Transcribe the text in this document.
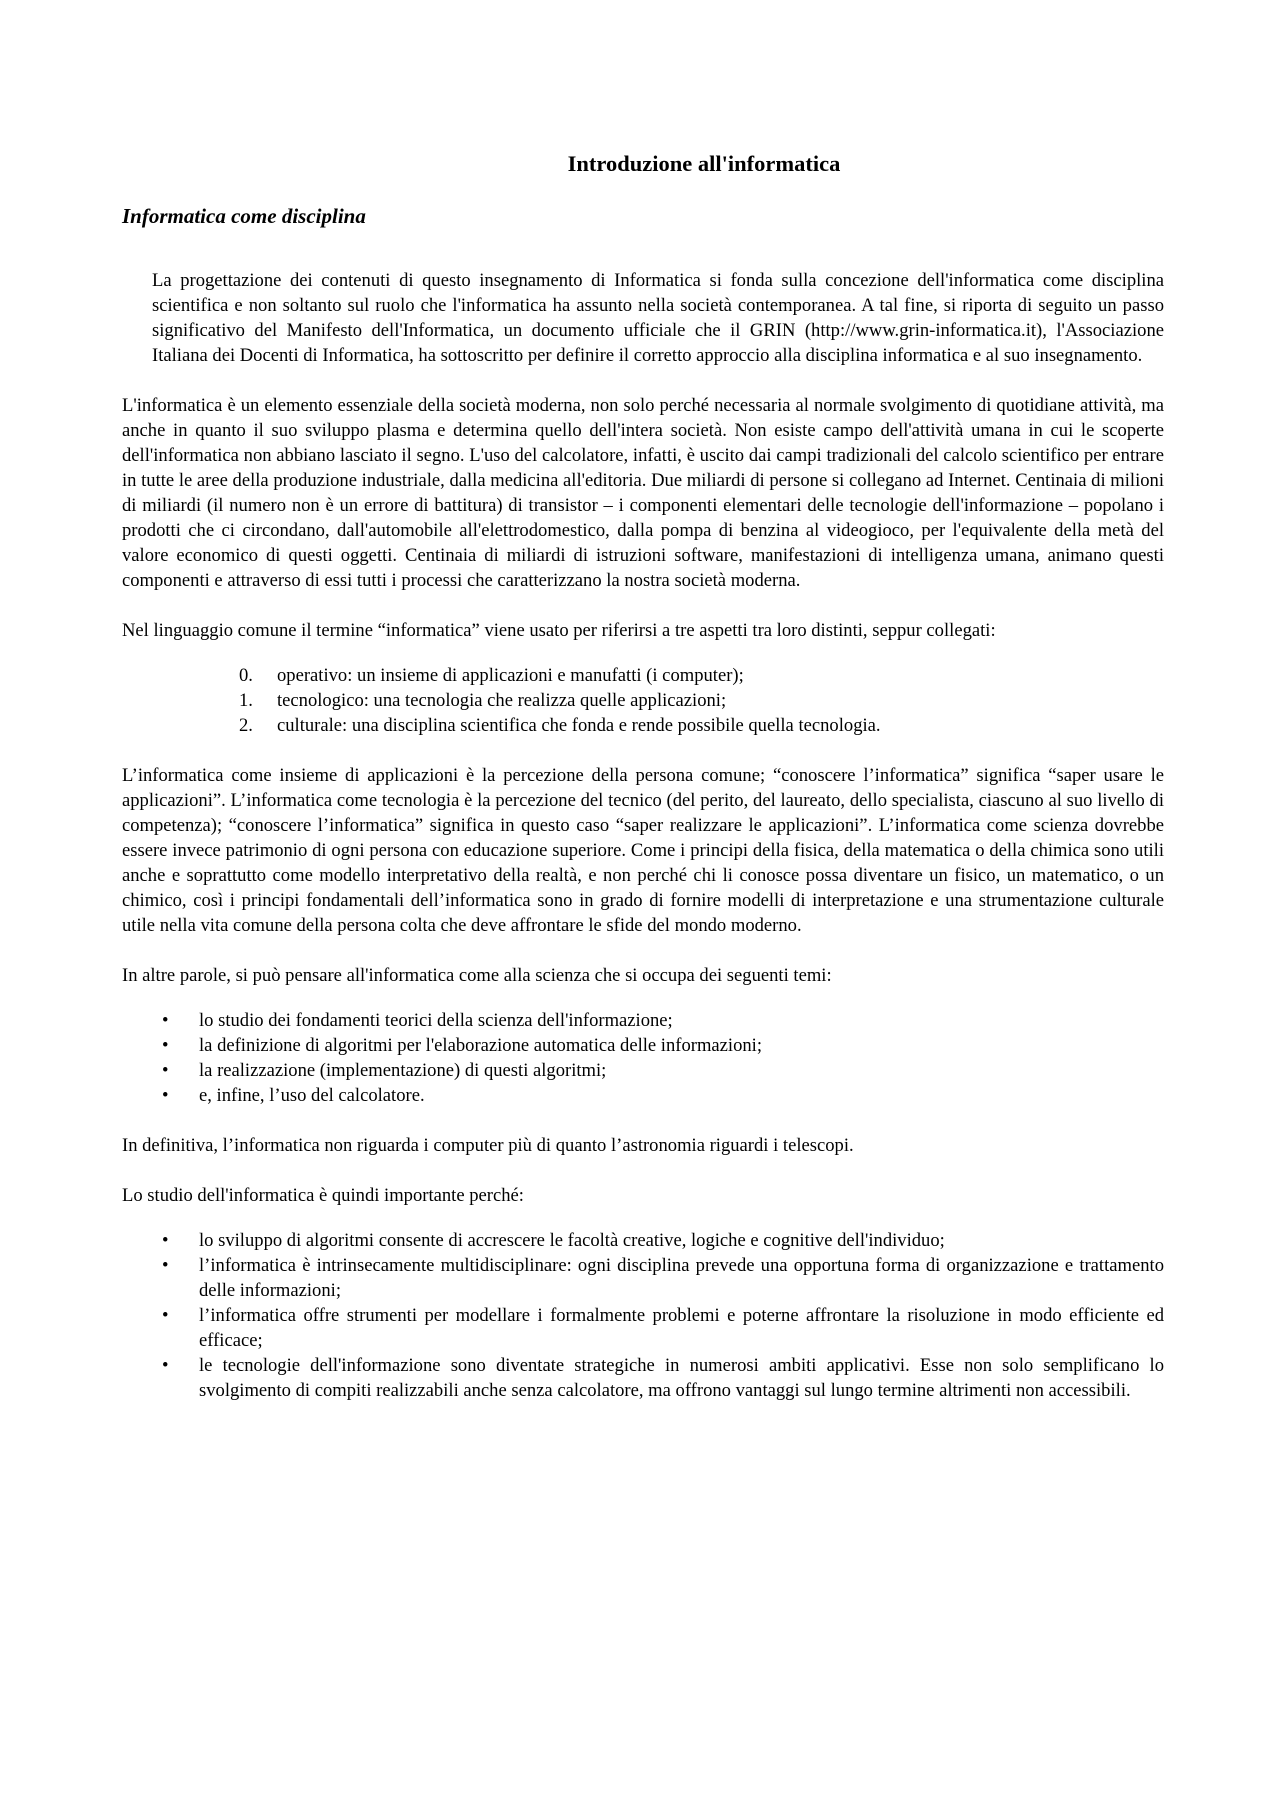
Introduzione all'informatica
Informatica come disciplina

La progettazione dei contenuti di questo insegnamento di Informatica si fonda sulla concezione dell'informatica come disciplina scientifica e non soltanto sul ruolo che l'informatica ha assunto nella società contemporanea. A tal fine, si riporta di seguito un passo significativo del Manifesto dell'Informatica, un documento ufficiale che il GRIN (http://www.grin-informatica.it), l'Associazione Italiana dei Docenti di Informatica, ha sottoscritto per definire il corretto approccio alla disciplina informatica e al suo insegnamento.

L'informatica è un elemento essenziale della società moderna, non solo perché necessaria al normale svolgimento di quotidiane attività, ma anche in quanto il suo sviluppo plasma e determina quello dell'intera società. Non esiste campo dell'attività umana in cui le scoperte dell'informatica non abbiano lasciato il segno. L'uso del calcolatore, infatti, è uscito dai campi tradizionali del calcolo scientifico per entrare in tutte le aree della produzione industriale, dalla medicina all'editoria. Due miliardi di persone si collegano ad Internet. Centinaia di milioni di miliardi (il numero non è un errore di battitura) di transistor – i componenti elementari delle tecnologie dell'informazione – popolano i prodotti che ci circondano, dall'automobile all'elettrodomestico, dalla pompa di benzina al videogioco, per l'equivalente della metà del valore economico di questi oggetti. Centinaia di miliardi di istruzioni software, manifestazioni di intelligenza umana, animano questi componenti e attraverso di essi tutti i processi che caratterizzano la nostra società moderna.

Nel linguaggio comune il termine “informatica” viene usato per riferirsi a tre aspetti tra loro distinti, seppur collegati:

0. operativo: un insieme di applicazioni e manufatti (i computer);
1. tecnologico: una tecnologia che realizza quelle applicazioni;
2. culturale: una disciplina scientifica che fonda e rende possibile quella tecnologia.

L’informatica come insieme di applicazioni è la percezione della persona comune; “conoscere l’informatica” significa “saper usare le applicazioni”. L’informatica come tecnologia è la percezione del tecnico (del perito, del laureato, dello specialista, ciascuno al suo livello di competenza); “conoscere l’informatica” significa in questo caso “saper realizzare le applicazioni”. L’informatica come scienza dovrebbe essere invece patrimonio di ogni persona con educazione superiore. Come i principi della fisica, della matematica o della chimica sono utili anche e soprattutto come modello interpretativo della realtà, e non perché chi li conosce possa diventare un fisico, un matematico, o un chimico, così i principi fondamentali dell’informatica sono in grado di fornire modelli di interpretazione e una strumentazione culturale utile nella vita comune della persona colta che deve affrontare le sfide del mondo moderno.

In altre parole, si può pensare all'informatica come alla scienza che si occupa dei seguenti temi:

• lo studio dei fondamenti teorici della scienza dell'informazione;
• la definizione di algoritmi per l'elaborazione automatica delle informazioni;
• la realizzazione (implementazione) di questi algoritmi;
• e, infine, l’uso del calcolatore.

In definitiva, l’informatica non riguarda i computer più di quanto l’astronomia riguardi i telescopi.

Lo studio dell'informatica è quindi importante perché:

• lo sviluppo di algoritmi consente di accrescere le facoltà creative, logiche e cognitive dell'individuo;
• l’informatica è intrinsecamente multidisciplinare: ogni disciplina prevede una opportuna forma di organizzazione e trattamento delle informazioni;
• l’informatica offre strumenti per modellare i formalmente problemi e poterne affrontare la risoluzione in modo efficiente ed efficace;
• le tecnologie dell'informazione sono diventate strategiche in numerosi ambiti applicativi. Esse non solo semplificano lo svolgimento di compiti realizzabili anche senza calcolatore, ma offrono vantaggi sul lungo termine altrimenti non accessibili.
